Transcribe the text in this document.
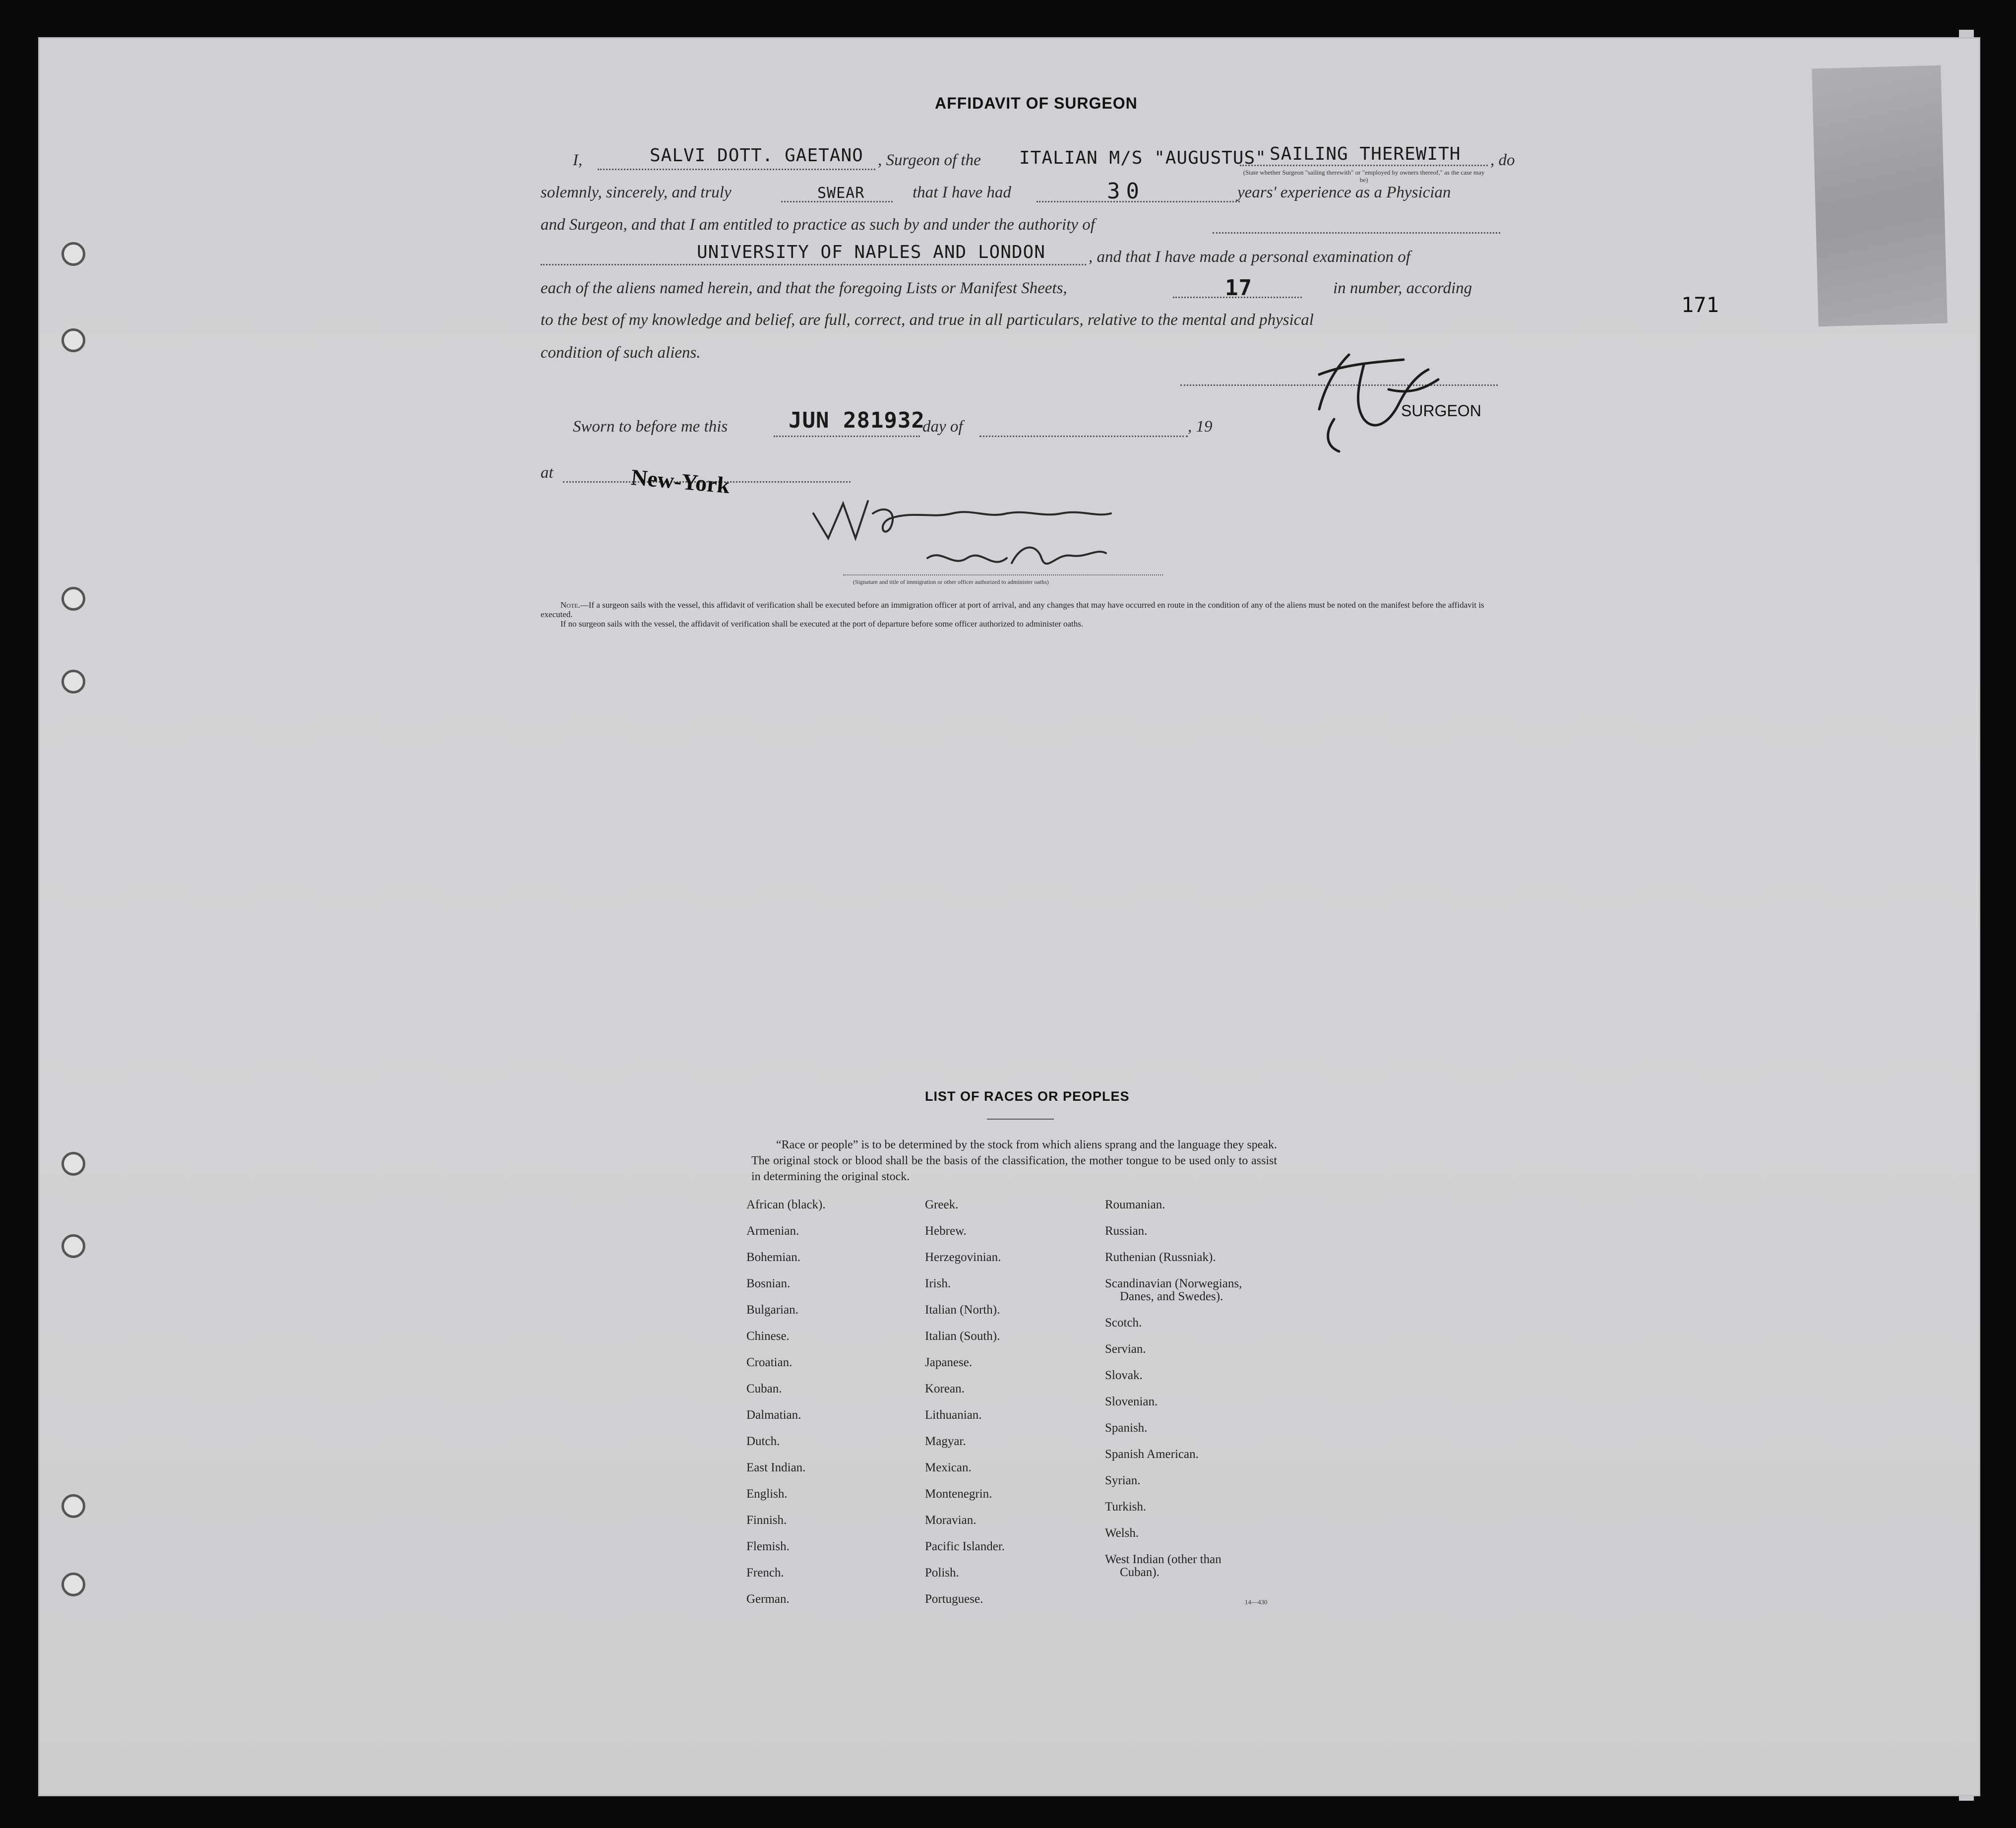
AFFIDAVIT OF SURGEON
I,	SALVI DOTT. GAETANO , Surgeon of the ITALIAN M/S "AUGUSTUS" SAILING THEREWITH
(State whether Surgeon "sailing therewith" or "employed by owners thereof," as the case may be)
, do
solemnly, sincerely, and truly	SWEAR	that I have had	30	years' experience as a Physician
and Surgeon, and that I am entitled to practice as such by and under the authority of
UNIVERSITY OF NAPLES AND LONDON	, and that I have made a personal examination of
each of the aliens named herein, and that the foregoing Lists or Manifest Sheets,	17	in number, according
to the best of my knowledge and belief, are full, correct, and true in all particulars, relative to the mental and physical
condition of such aliens.
SURGEON
Sworn to before me this	JUN 281932
day of	, 19
at	New-York
(Signature and title of immigration or other officer authorized to administer oaths)
Note.—If a surgeon sails with the vessel, this affidavit of verification shall be executed before an immigration officer at port of arrival, and any changes that may have occurred en route in the condition of any of the aliens must be noted on the manifest before the affidavit is executed.
If no surgeon sails with the vessel, the affidavit of verification shall be executed at the port of departure before some officer authorized to administer oaths.
171
LIST OF RACES OR PEOPLES
“Race or people” is to be determined by the stock from which aliens sprang and the language they speak. The original stock or blood shall be the basis of the classification, the mother tongue to be used only to assist in determining the original stock.
African (black).
Armenian.
Bohemian.
Bosnian.
Bulgarian.
Chinese.
Croatian.
Cuban.
Dalmatian.
Dutch.
East Indian.
English.
Finnish.
Flemish.
French.
German.
Greek.
Hebrew.
Herzegovinian.
Irish.
Italian (North).
Italian (South).
Japanese.
Korean.
Lithuanian.
Magyar.
Mexican.
Montenegrin.
Moravian.
Pacific Islander.
Polish.
Portuguese.
Roumanian.
Russian.
Ruthenian (Russniak).
Scandinavian (Norwegians,
Danes, and Swedes).
Scotch.
Servian.
Slovak.
Slovenian.
Spanish.
Spanish American.
Syrian.
Turkish.
Welsh.
West Indian (other than
Cuban).
14—430
